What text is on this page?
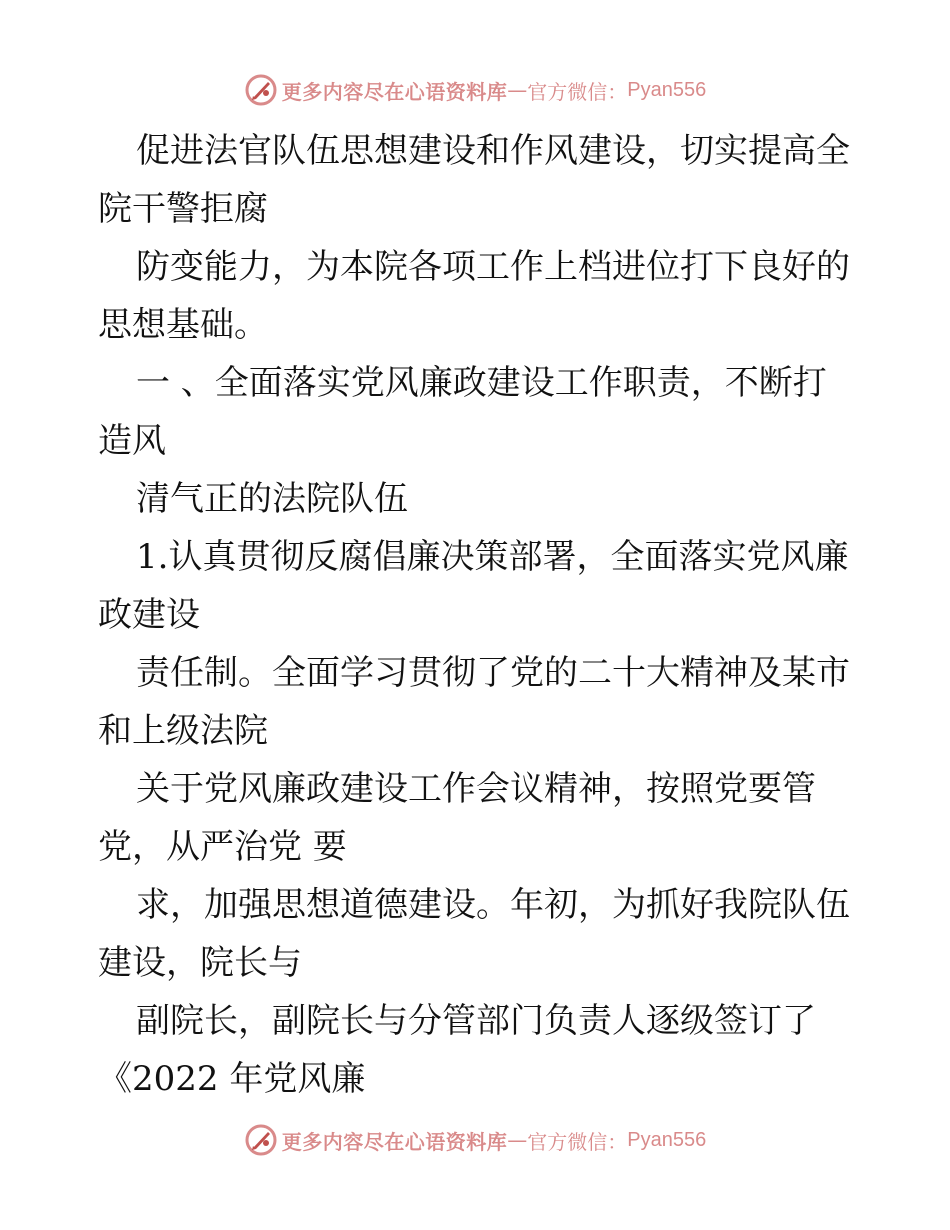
更多内容尽在心语资料库 — 官方微信： Pyan556
促进法官队伍思想建设和作风建设，切实提高全
院干警拒腐
防变能力，为本院各项工作上档进位打下良好的
思想基础。
一 、全面落实党风廉政建设工作职责，不断打
造风
清气正的法院队伍
1.认真贯彻反腐倡廉决策部署，全面落实党风廉
政建设
责任制。全面学习贯彻了党的二十大精神及某市
和上级法院
关于党风廉政建设工作会议精神，按照党要管
党，从严治党 要
求，加强思想道德建设。年初，为抓好我院队伍
建设，院长与
副院长，副院长与分管部门负责人逐级签订了
《2022 年党风廉
更多内容尽在心语资料库 — 官方微信： Pyan556
